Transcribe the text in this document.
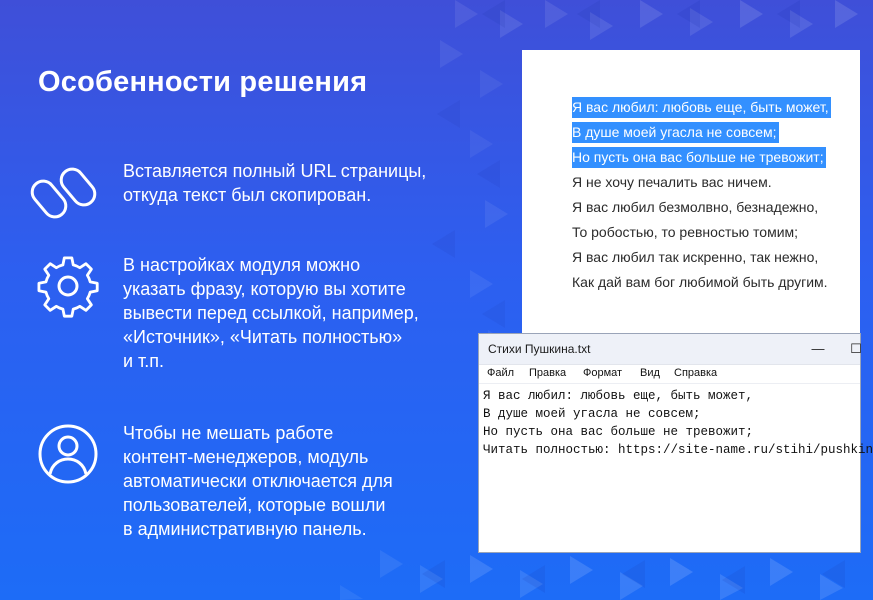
Особенности решения

Вставляется полный URL страницы,
откуда текст был скопирован.

В настройках модуля можно
указать фразу, которую вы хотите
вывести перед ссылкой, например,
«Источник», «Читать полностью»
и т.п.

Чтобы не мешать работе
контент-менеджеров, модуль
автоматически отключается для
пользователей, которые вошли
в административную панель.

Я вас любил: любовь еще, быть может,
В душе моей угасла не совсем;
Но пусть она вас больше не тревожит;
Я не хочу печалить вас ничем.
Я вас любил безмолвно, безнадежно,
То робостью, то ревностью томим;
Я вас любил так искренно, так нежно,
Как дай вам бог любимой быть другим.
Стихи Пушкина.txt	—	☐
Файл Правка Формат Вид Справка
Я вас любил: любовь еще, быть может,
В душе моей угасла не совсем;
Но пусть она вас больше не тревожит;
Читать полностью: https://site-name.ru/stihi/pushkin
